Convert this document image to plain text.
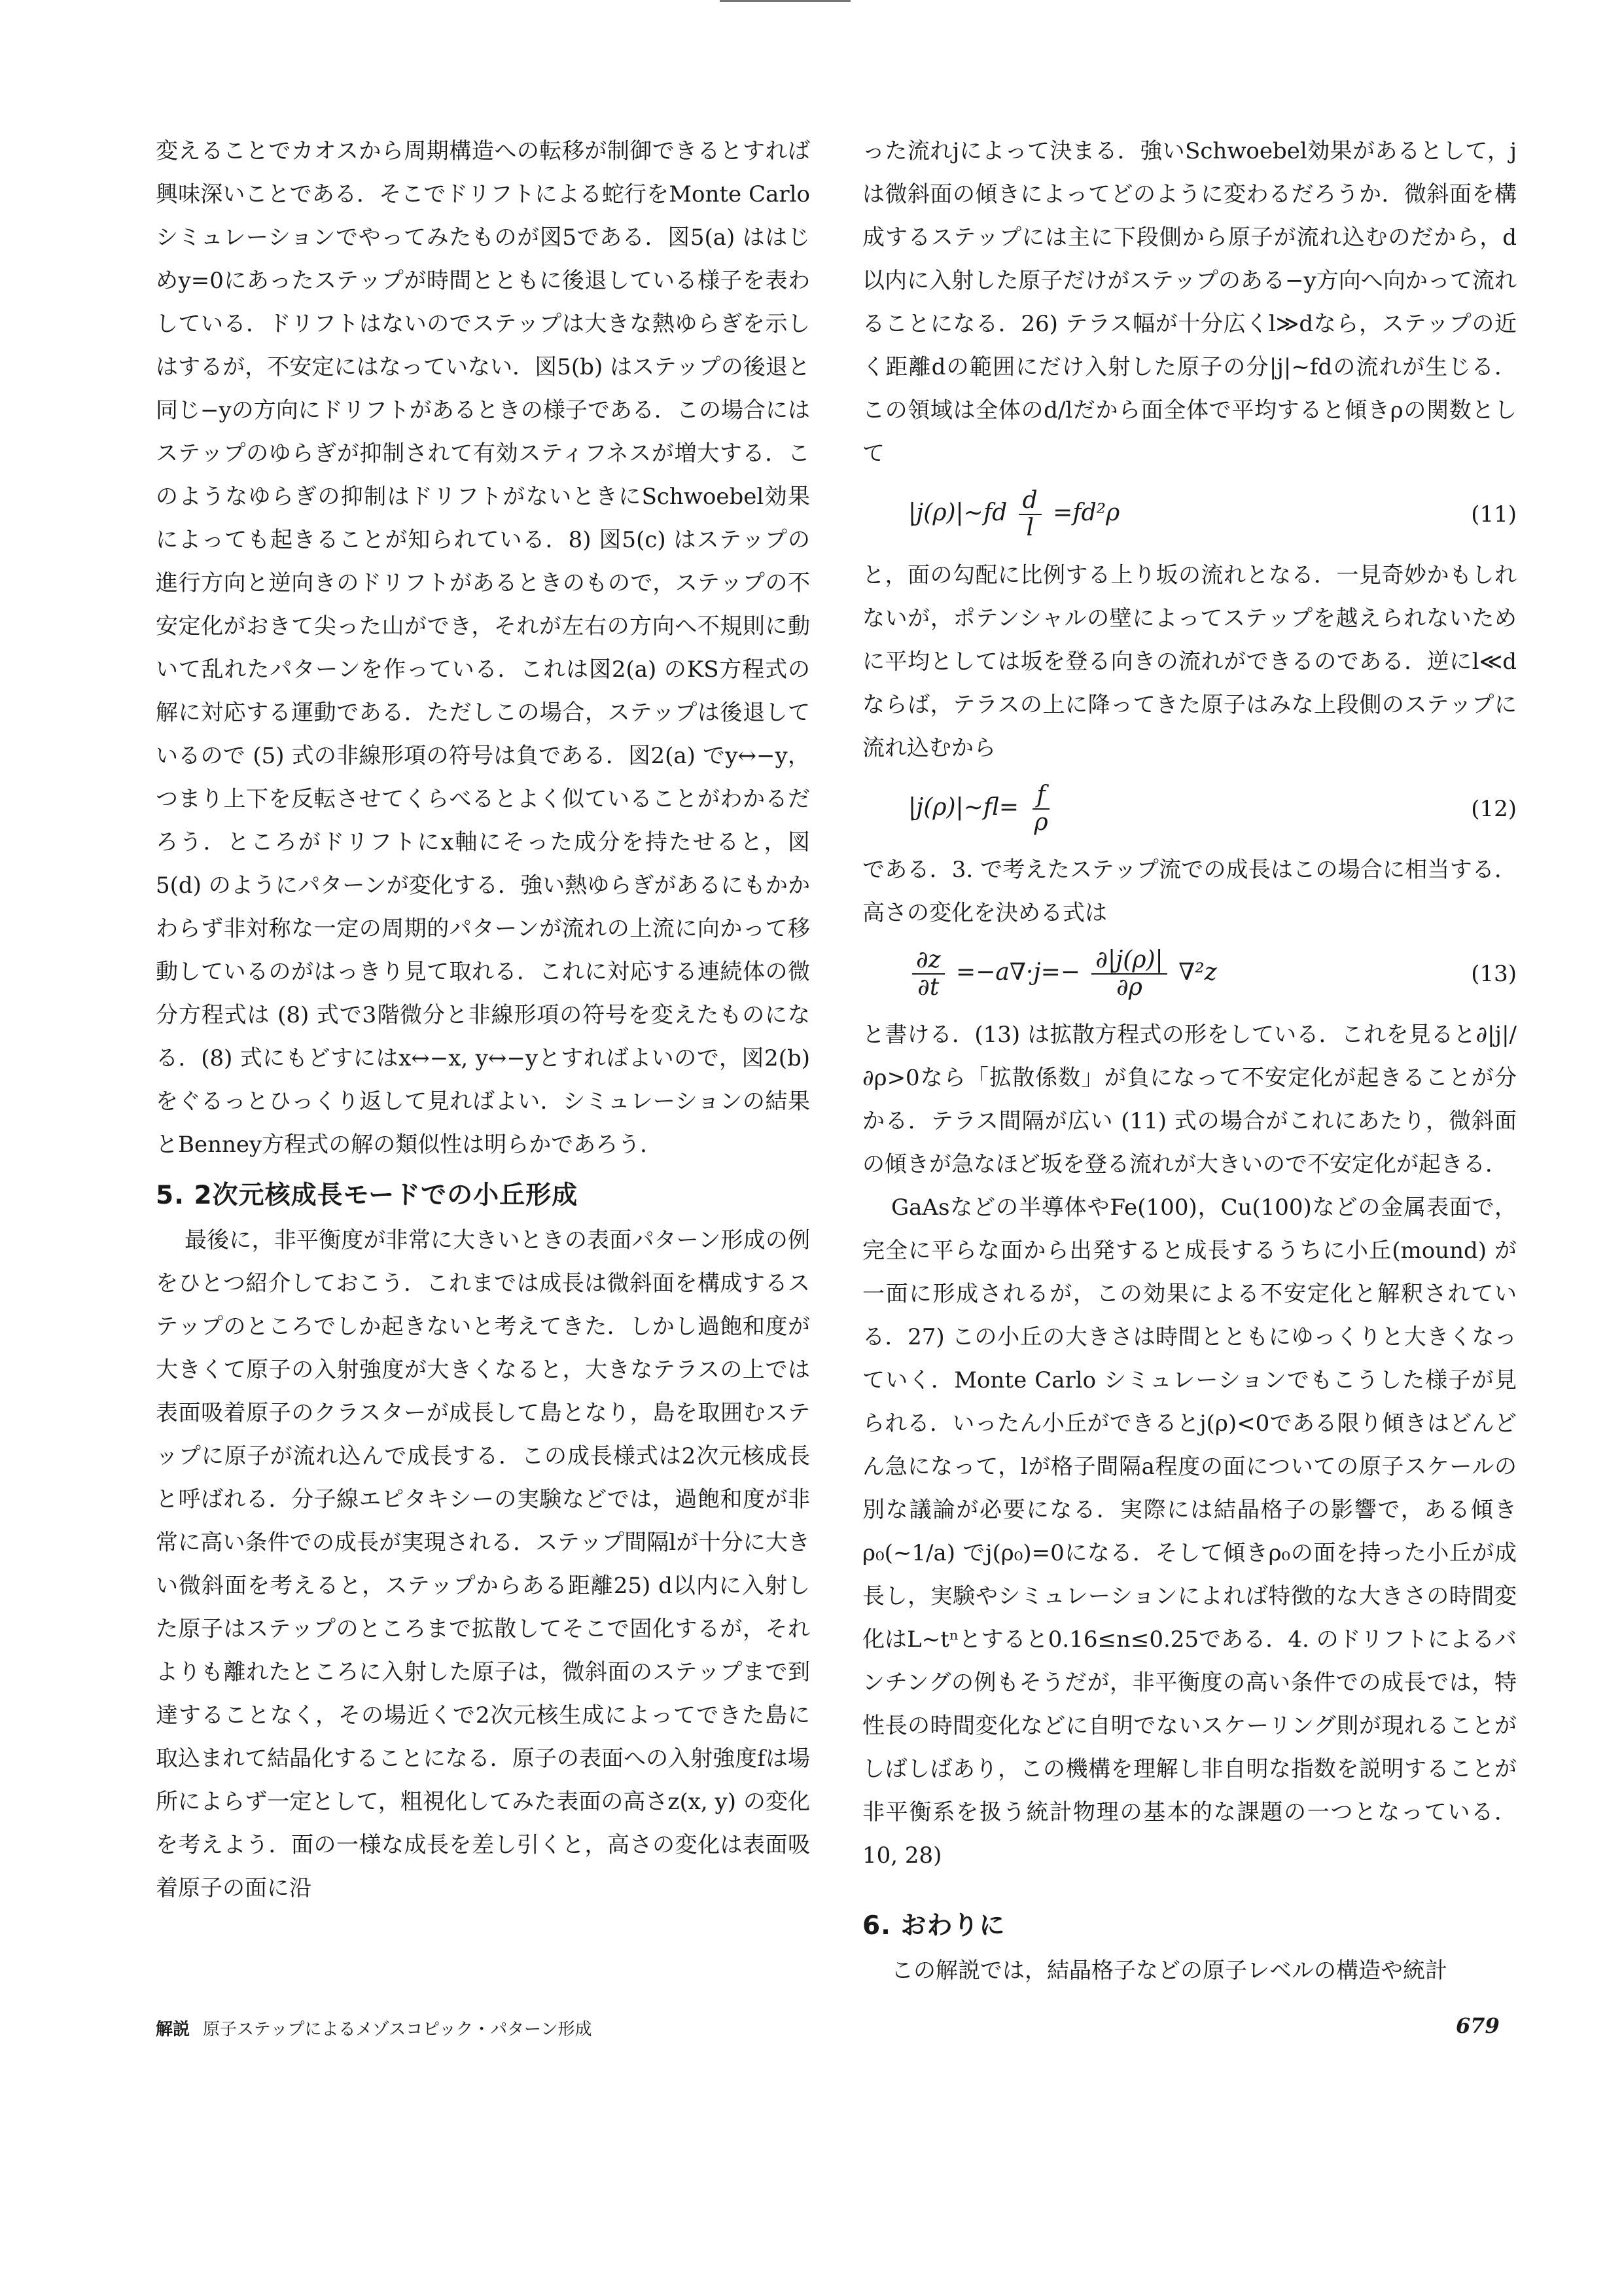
変えることでカオスから周期構造への転移が制御できるとすれば興味深いことである．そこでドリフトによる蛇行をMonte Carlo シミュレーションでやってみたものが図5である．図5(a) ははじめy=0にあったステップが時間とともに後退している様子を表わしている．ドリフトはないのでステップは大きな熱ゆらぎを示しはするが，不安定にはなっていない．図5(b) はステップの後退と同じ−yの方向にドリフトがあるときの様子である．この場合にはステップのゆらぎが抑制されて有効スティフネスが増大する．このようなゆらぎの抑制はドリフトがないときにSchwoebel効果によっても起きることが知られている．8) 図5(c) はステップの進行方向と逆向きのドリフトがあるときのもので，ステップの不安定化がおきて尖った山ができ，それが左右の方向へ不規則に動いて乱れたパターンを作っている．これは図2(a) のKS方程式の解に対応する運動である．ただしこの場合，ステップは後退しているので (5) 式の非線形項の符号は負である．図2(a) でy↔−y，つまり上下を反転させてくらべるとよく似ていることがわかるだろう．ところがドリフトにx軸にそった成分を持たせると，図5(d) のようにパターンが変化する．強い熱ゆらぎがあるにもかかわらず非対称な一定の周期的パターンが流れの上流に向かって移動しているのがはっきり見て取れる．これに対応する連続体の微分方程式は (8) 式で3階微分と非線形項の符号を変えたものになる．(8) 式にもどすにはx↔−x, y↔−yとすればよいので，図2(b) をぐるっとひっくり返して見ればよい．シミュレーションの結果とBenney方程式の解の類似性は明らかであろう．

5. 2次元核成長モードでの小丘形成

最後に，非平衡度が非常に大きいときの表面パターン形成の例をひとつ紹介しておこう．これまでは成長は微斜面を構成するステップのところでしか起きないと考えてきた．しかし過飽和度が大きくて原子の入射強度が大きくなると，大きなテラスの上では表面吸着原子のクラスターが成長して島となり，島を取囲むステップに原子が流れ込んで成長する．この成長様式は2次元核成長と呼ばれる．分子線エピタキシーの実験などでは，過飽和度が非常に高い条件での成長が実現される．ステップ間隔lが十分に大きい微斜面を考えると，ステップからある距離25) d以内に入射した原子はステップのところまで拡散してそこで固化するが，それよりも離れたところに入射した原子は，微斜面のステップまで到達することなく，その場近くで2次元核生成によってできた島に取込まれて結晶化することになる．原子の表面への入射強度fは場所によらず一定として，粗視化してみた表面の高さz(x, y) の変化を考えよう．面の一様な成長を差し引くと，高さの変化は表面吸着原子の面に沿

った流れjによって決まる．強いSchwoebel効果があるとして，jは微斜面の傾きによってどのように変わるだろうか．微斜面を構成するステップには主に下段側から原子が流れ込むのだから，d以内に入射した原子だけがステップのある−y方向へ向かって流れることになる．26) テラス幅が十分広くl≫dなら，ステップの近く距離dの範囲にだけ入射した原子の分|j|∼fdの流れが生じる．この領域は全体のd/lだから面全体で平均すると傾きρの関数として

|j(ρ)|∼fd $\frac{d}{l} =fd^2\rho$	(11)

と，面の勾配に比例する上り坂の流れとなる．一見奇妙かもしれないが，ポテンシャルの壁によってステップを越えられないために平均としては坂を登る向きの流れができるのである．逆にl≪dならば，テラスの上に降ってきた原子はみな上段側のステップに流れ込むから

|j(ρ)|∼fl= $\frac{f}{\rho}$	(12)

である．3. で考えたステップ流での成長はこの場合に相当する．高さの変化を決める式は

$\frac{\partial z}{\partial t} =-a\nabla\cdot j=- \frac{\partial|j(\rho)|}{\partial\rho} \nabla^2z$	(13)

と書ける．(13) は拡散方程式の形をしている．これを見ると∂|j|/∂ρ>0なら「拡散係数」が負になって不安定化が起きることが分かる．テラス間隔が広い (11) 式の場合がこれにあたり，微斜面の傾きが急なほど坂を登る流れが大きいので不安定化が起きる．

GaAsなどの半導体やFe(100)，Cu(100)などの金属表面で，完全に平らな面から出発すると成長するうちに小丘(mound) が一面に形成されるが，この効果による不安定化と解釈されている．27) この小丘の大きさは時間とともにゆっくりと大きくなっていく．Monte Carlo シミュレーションでもこうした様子が見られる．いったん小丘ができるとj(ρ)<0である限り傾きはどんどん急になって，lが格子間隔a程度の面についての原子スケールの別な議論が必要になる．実際には結晶格子の影響で，ある傾きρ₀(∼1/a) でj(ρ₀)=0になる．そして傾きρ₀の面を持った小丘が成長し，実験やシミュレーションによれば特徴的な大きさの時間変化はL∼tⁿとすると0.16≤n≤0.25である．4. のドリフトによるバンチングの例もそうだが，非平衡度の高い条件での成長では，特性長の時間変化などに自明でないスケーリング則が現れることがしばしばあり，この機構を理解し非自明な指数を説明することが非平衡系を扱う統計物理の基本的な課題の一つとなっている．10, 28)

6. おわりに

この解説では，結晶格子などの原子レベルの構造や統計

解説 原子ステップによるメゾスコピック・パターン形成	679
